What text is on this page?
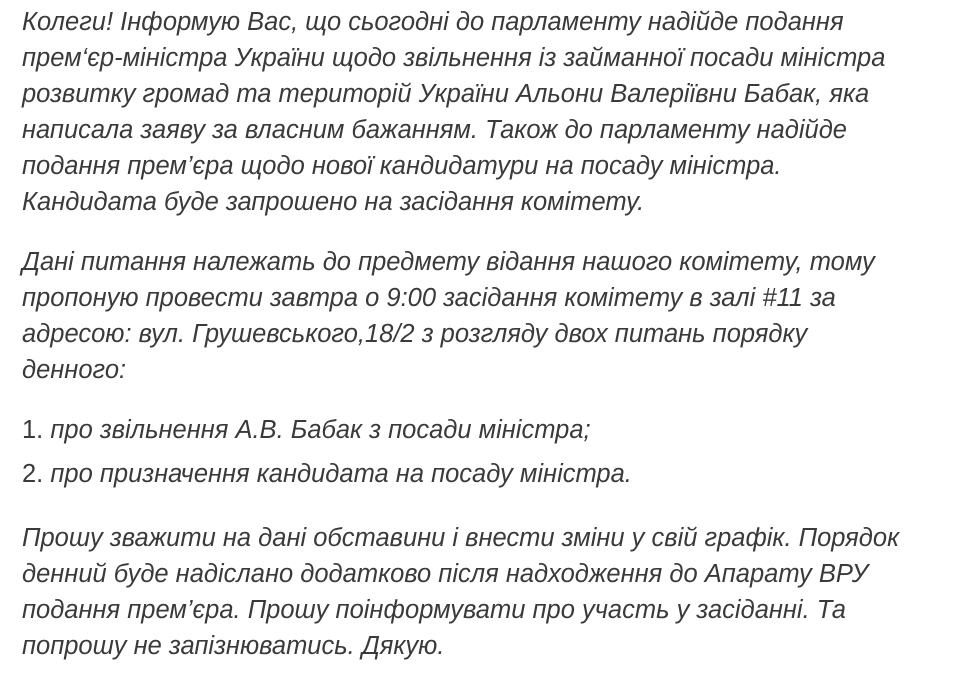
Колеги! Інформую Вас, що сьогодні до парламенту надійде подання
прем‘єр-міністра України щодо звільнення із займанної посади міністра
розвитку громад та територій України Альони Валеріївни Бабак, яка
написала заяву за власним бажанням. Також до парламенту надійде
подання прем’єра щодо нової кандидатури на посаду міністра.
Кандидата буде запрошено на засідання комітету.

Дані питання належать до предмету відання нашого комітету, тому
пропоную провести завтра о 9:00 засідання комітету в залі #11 за
адресою: вул. Грушевського,18/2 з розгляду двох питань порядку
денного:

1. про звільнення А.В. Бабак з посади міністра;
2. про призначення кандидата на посаду міністра.

Прошу зважити на дані обставини і внести зміни у свій графік. Порядок
денний буде надіслано додатково після надходження до Апарату ВРУ
подання прем’єра. Прошу поінформувати про участь у засіданні. Та
попрошу не запізнюватись. Дякую.
